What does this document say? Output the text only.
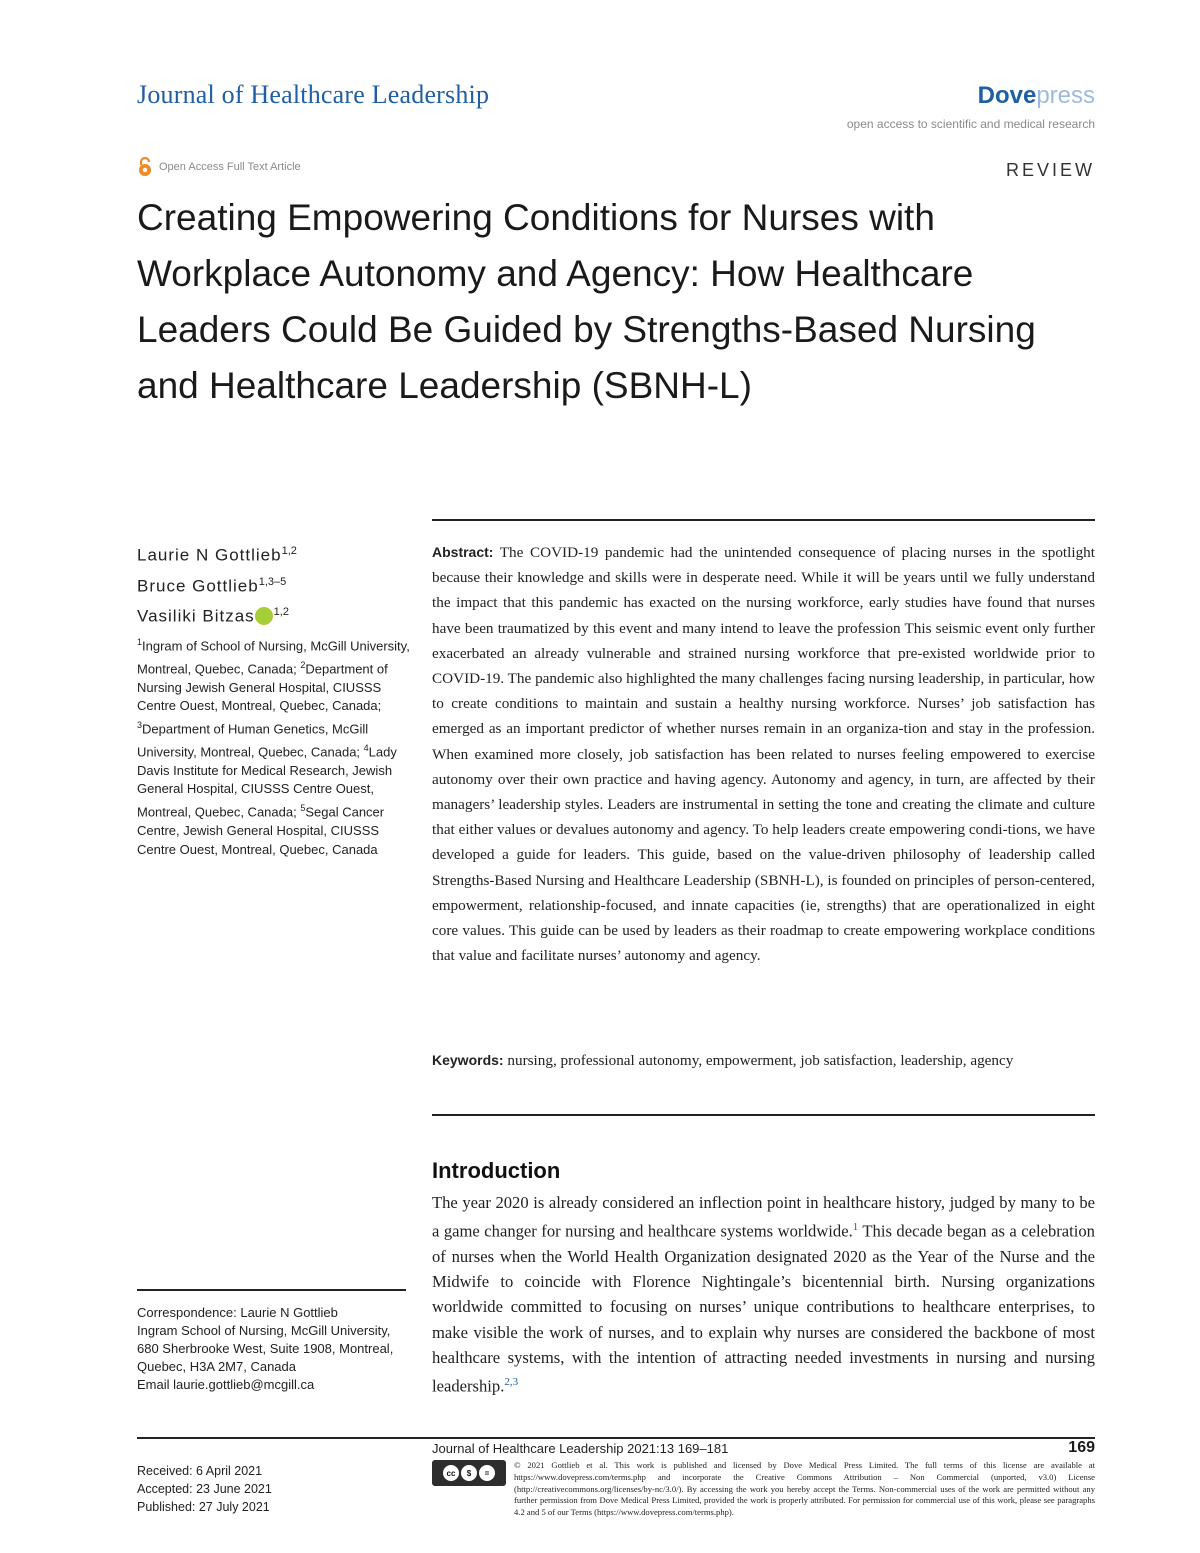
Journal of Healthcare Leadership	Dovepress
open access to scientific and medical research
Open Access Full Text Article	REVIEW
Creating Empowering Conditions for Nurses with Workplace Autonomy and Agency: How Healthcare Leaders Could Be Guided by Strengths-Based Nursing and Healthcare Leadership (SBNH-L)
Laurie N Gottlieb$^{1,2}$
Bruce Gottlieb$^{1,3-5}$
Vasiliki Bitzas $^{1,2}$
$^1$Ingram of School of Nursing, McGill University, Montreal, Quebec, Canada; $^2$Department of Nursing Jewish General Hospital, CIUSSS Centre Ouest, Montreal, Quebec, Canada; $^3$Department of Human Genetics, McGill University, Montreal, Quebec, Canada; $^4$Lady Davis Institute for Medical Research, Jewish General Hospital, CIUSSS Centre Ouest, Montreal, Quebec, Canada; $^5$Segal Cancer Centre, Jewish General Hospital, CIUSSS Centre Ouest, Montreal, Quebec, Canada
Abstract: The COVID-19 pandemic had the unintended consequence of placing nurses in the spotlight because their knowledge and skills were in desperate need. While it will be years until we fully understand the impact that this pandemic has exacted on the nursing workforce, early studies have found that nurses have been traumatized by this event and many intend to leave the profession This seismic event only further exacerbated an already vulnerable and strained nursing workforce that pre-existed worldwide prior to COVID-19. The pandemic also highlighted the many challenges facing nursing leadership, in particular, how to create conditions to maintain and sustain a healthy nursing workforce. Nurses’ job satisfaction has emerged as an important predictor of whether nurses remain in an organiza-tion and stay in the profession. When examined more closely, job satisfaction has been related to nurses feeling empowered to exercise autonomy over their own practice and having agency. Autonomy and agency, in turn, are affected by their managers’ leadership styles. Leaders are instrumental in setting the tone and creating the climate and culture that either values or devalues autonomy and agency. To help leaders create empowering condi-tions, we have developed a guide for leaders. This guide, based on the value-driven philosophy of leadership called Strengths-Based Nursing and Healthcare Leadership (SBNH-L), is founded on principles of person-centered, empowerment, relationship-focused, and innate capacities (ie, strengths) that are operationalized in eight core values. This guide can be used by leaders as their roadmap to create empowering workplace conditions that value and facilitate nurses’ autonomy and agency.
Keywords: nursing, professional autonomy, empowerment, job satisfaction, leadership, agency
Introduction
The year 2020 is already considered an inflection point in healthcare history, judged by many to be a game changer for nursing and healthcare systems worldwide.$^1$ This decade began as a celebration of nurses when the World Health Organization designated 2020 as the Year of the Nurse and the Midwife to coincide with Florence Nightingale’s bicentennial birth. Nursing organizations worldwide committed to focusing on nurses’ unique contributions to healthcare enterprises, to make visible the work of nurses, and to explain why nurses are considered the backbone of most healthcare systems, with the intention of attracting needed investments in nursing and nursing leadership.$^{2,3}$
Correspondence: Laurie N Gottlieb
Ingram School of Nursing, McGill University, 680 Sherbrooke West, Suite 1908, Montreal, Quebec, H3A 2M7, Canada
Email laurie.gottlieb@mcgill.ca
Received: 6 April 2021
Accepted: 23 June 2021
Published: 27 July 2021
Journal of Healthcare Leadership 2021:13 169–181	169
cc	$	=
© 2021 Gottlieb et al. This work is published and licensed by Dove Medical Press Limited. The full terms of this license are available at https://www.dovepress.com/terms.php and incorporate the Creative Commons Attribution – Non Commercial (unported, v3.0) License (http://creativecommons.org/licenses/by-nc/3.0/). By accessing the work you hereby accept the Terms. Non-commercial uses of the work are permitted without any further permission from Dove Medical Press Limited, provided the work is properly attributed. For permission for commercial use of this work, please see paragraphs 4.2 and 5 of our Terms (https://www.dovepress.com/terms.php).
